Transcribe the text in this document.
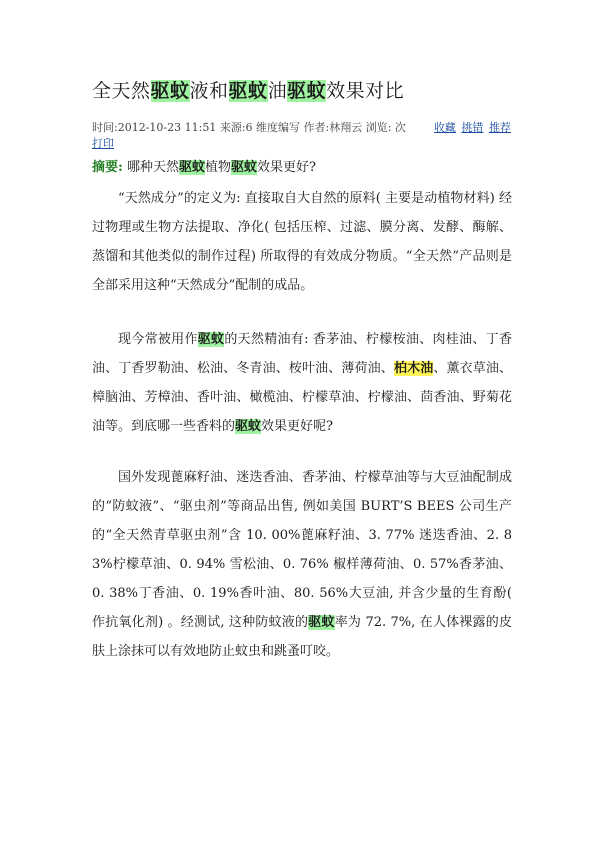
全天然驱蚊液和驱蚊油驱蚊效果对比
时间:2012-10-23 11:51 来源:6 维度编写 作者:林翔云 浏览: 次	收藏 挑错 推荐 打印
摘要: 哪种天然驱蚊植物驱蚊效果更好?

“天然成分”的定义为: 直接取自大自然的原料( 主要是动植物材料) 经过物理或生物方法提取、净化( 包括压榨、过滤、膜分离、发酵、酶解、蒸馏和其他类似的制作过程) 所取得的有效成分物质。“全天然”产品则是全部采用这种“天然成分”配制的成品。

现今常被用作驱蚊的天然精油有: 香茅油、柠檬桉油、肉桂油、丁香油、丁香罗勒油、松油、冬青油、桉叶油、薄荷油、柏木油、薰衣草油、樟脑油、芳樟油、香叶油、橄榄油、柠檬草油、柠檬油、茴香油、野菊花油等。到底哪一些香料的驱蚊效果更好呢?

国外发现蓖麻籽油、迷迭香油、香茅油、柠檬草油等与大豆油配制成的“防蚊液”、“驱虫剂”等商品出售, 例如美国 BURT’S BEES 公司生产的“全天然青草驱虫剂”含 10. 00%蓖麻籽油、3. 77% 迷迭香油、2. 83%柠檬草油、0. 94% 雪松油、0. 76% 椒样薄荷油、0. 57%香茅油、0. 38%丁香油、0. 19%香叶油、80. 56%大豆油, 并含少量的生育酚( 作抗氧化剂) 。经测试, 这种防蚊液的驱蚊率为 72. 7%, 在人体裸露的皮肤上涂抹可以有效地防止蚊虫和跳蚤叮咬。
